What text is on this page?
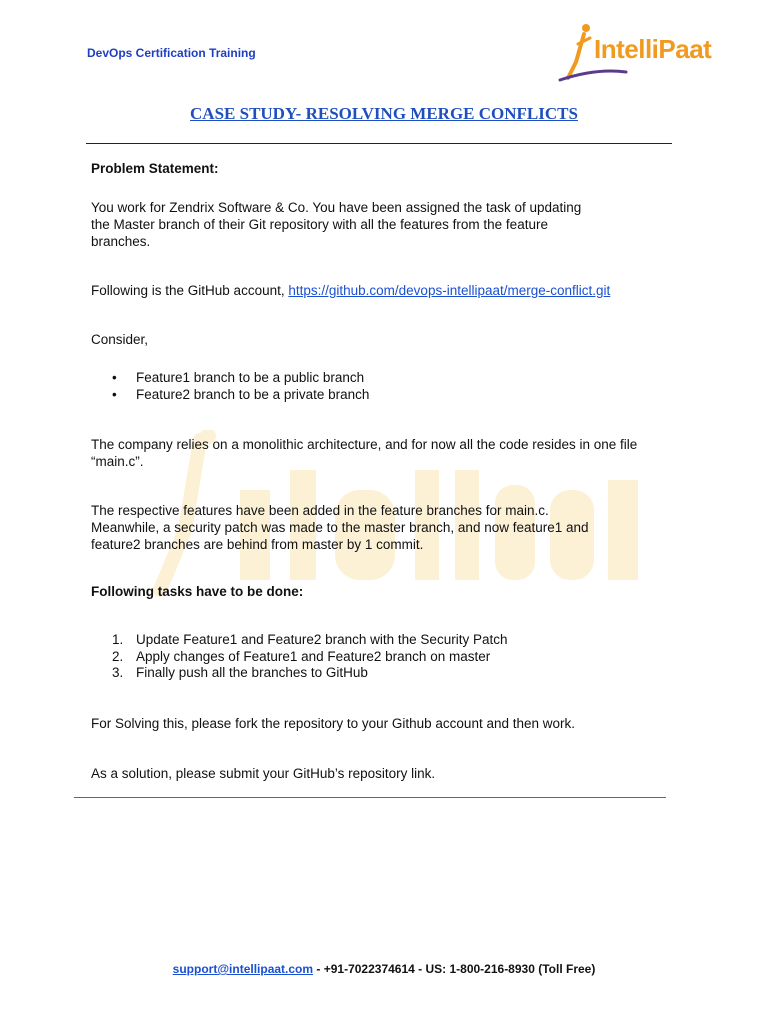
DevOps Certification Training	IntelliPaat
CASE STUDY- RESOLVING MERGE CONFLICTS
Problem Statement:
You work for Zendrix Software & Co. You have been assigned the task of updating
the Master branch of their Git repository with all the features from the feature
branches.
Following is the GitHub account, https://github.com/devops-intellipaat/merge-conflict.git
Consider,
• Feature1 branch to be a public branch
• Feature2 branch to be a private branch
The company relies on a monolithic architecture, and for now all the code resides in one file
“main.c”.
The respective features have been added in the feature branches for main.c.
Meanwhile, a security patch was made to the master branch, and now feature1 and
feature2 branches are behind from master by 1 commit.
Following tasks have to be done:
1. Update Feature1 and Feature2 branch with the Security Patch
2. Apply changes of Feature1 and Feature2 branch on master
3. Finally push all the branches to GitHub
For Solving this, please fork the repository to your Github account and then work.
As a solution, please submit your GitHub’s repository link.
support@intellipaat.com - +91-7022374614 - US: 1-800-216-8930 (Toll Free)
